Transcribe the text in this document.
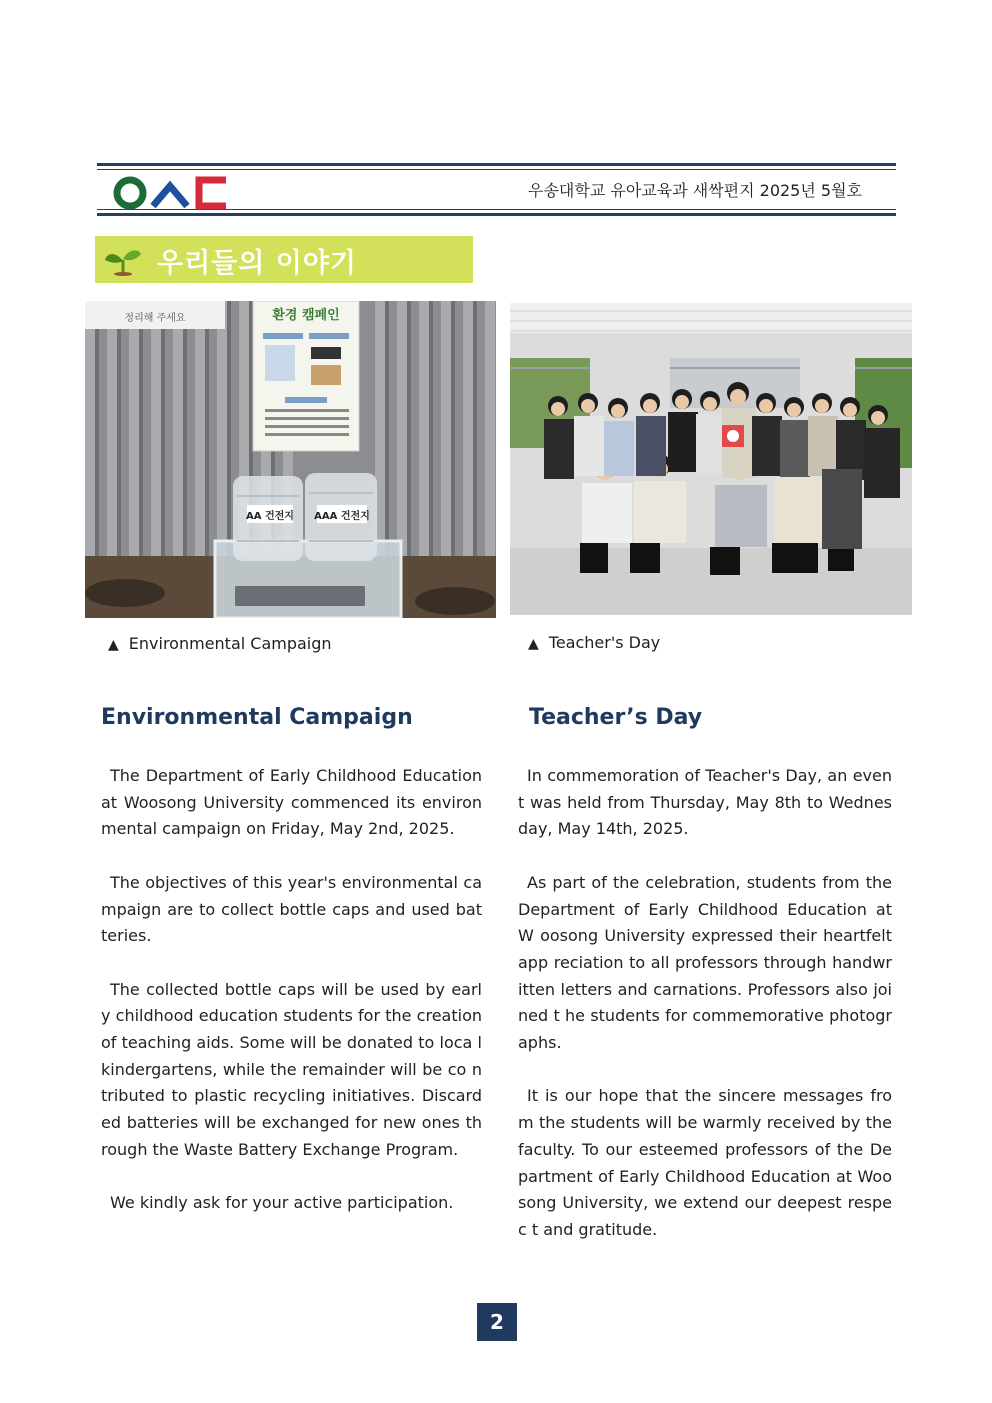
우송대학교 유아교육과 새싹편지 2025년 5월호
우리들의 이야기
정리해 주세요	환경 캠페인
AA 건전지 AAA 건전지
▲ Environmental Campaign	▲ Teacher's Day
Environmental Campaign	Teacher’s Day

The Department of Early Childhood Education at Woosong University commenced its environ mental campaign on Friday, May 2nd, 2025.

The objectives of this year's environmental ca mpaign are to collect bottle caps and used bat teries.

The collected bottle caps will be used by earl y childhood education students for the creation of teaching aids. Some will be donated to loca l kindergartens, while the remainder will be co ntributed to plastic recycling initiatives. Discard ed batteries will be exchanged for new ones th rough the Waste Battery Exchange Program.

We kindly ask for your active participation.

In commemoration of Teacher's Day, an even t was held from Thursday, May 8th to Wednes day, May 14th, 2025.

As part of the celebration, students from the Department of Early Childhood Education at W oosong University expressed their heartfelt app reciation to all professors through handwritten letters and carnations. Professors also joined t he students for commemorative photographs.

It is our hope that the sincere messages fro m the students will be warmly received by the faculty. To our esteemed professors of the De partment of Early Childhood Education at Woo song University, we extend our deepest respec t and gratitude.

2
